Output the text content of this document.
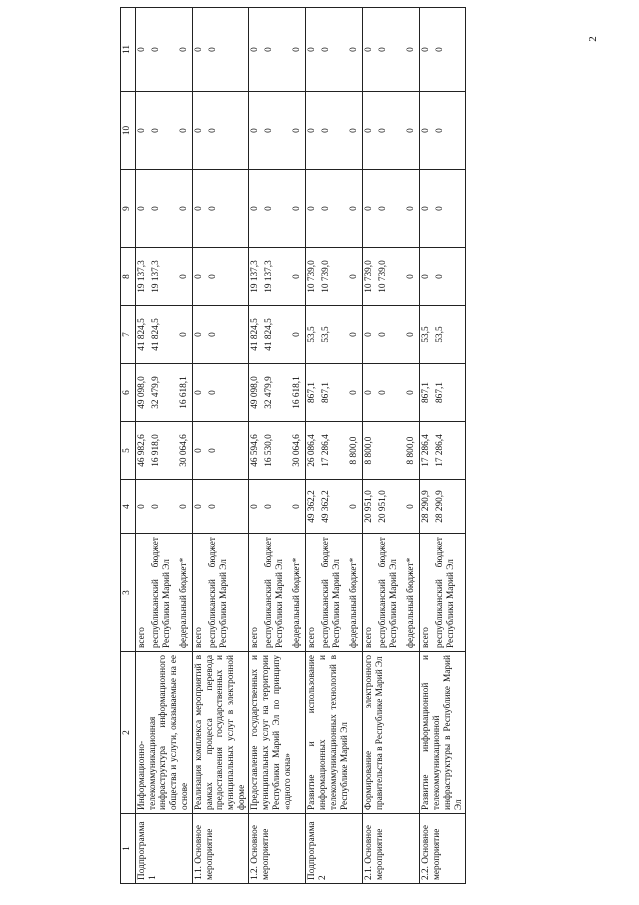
2
1	2	3	4	5	6	7	8	9	10	11
Подпрограмма 1	Информационно-телекоммуникационная инфраструктура информационного общества и услуги, оказываемые на ее основе	всего республиканский бюджет Республики Марий Эл федеральный бюджет*	0 0 0	46 982,6 16 918,0 30 064,6	49 098,0 32 479,9 16 618,1	41 824,5 41 824,5 0	19 137,3 19 137,3 0	0 0 0	0 0 0	0 0 0

1.1. Основное мероприятие	Реализация комплекса мероприятий в рамках процесса перевода предоставления государственных и муниципальных услуг в электронной форме	всего республиканский бюджет Республики Марий Эл	0 0	0 0	0 0	0 0	0 0	0 0	0 0	0 0

1.2. Основное мероприятие	Предоставление государственных и муниципальных услуг на территории Республики Марий Эл по принципу «одного окна»	всего республиканский бюджет Республики Марий Эл федеральный бюджет*	0 0 0	46 594,6 16 530,0 30 064,6	49 098,0 32 479,9 16 618,1	41 824,5 41 824,5 0	19 137,3 19 137,3 0	0 0 0	0 0 0	0 0 0

Подпрограмма 2	Развитие и использование информационных и телекоммуникационных технологий в Республике Марий Эл	всего республиканский бюджет Республики Марий Эл федеральный бюджет*	49 362,2 49 362,2 0	26 086,4 17 286,4 8 800,0	867,1 867,1 0	53,5 53,5 0	10 739,0 10 739,0 0	0 0 0	0 0 0	0 0 0

2.1. Основное мероприятие	Формирование электронного правительства в Республике Марий Эл	всего республиканский бюджет Республики Марий Эл федеральный бюджет*	20 951,0 20 951,0 0	8 800,0 8 800,0	0 0 0	0 0 0	10 739,0 10 739,0 0	0 0 0	0 0 0	0 0 0

2.2. Основное мероприятие	Развитие информационной и телекоммуникационной инфраструктуры в Республике Марий Эл	всего республиканский бюджет Республики Марий Эл	28 290,9 28 290,9	17 286,4 17 286,4	867,1 867,1	53,5 53,5	0 0	0 0	0 0	0 0
